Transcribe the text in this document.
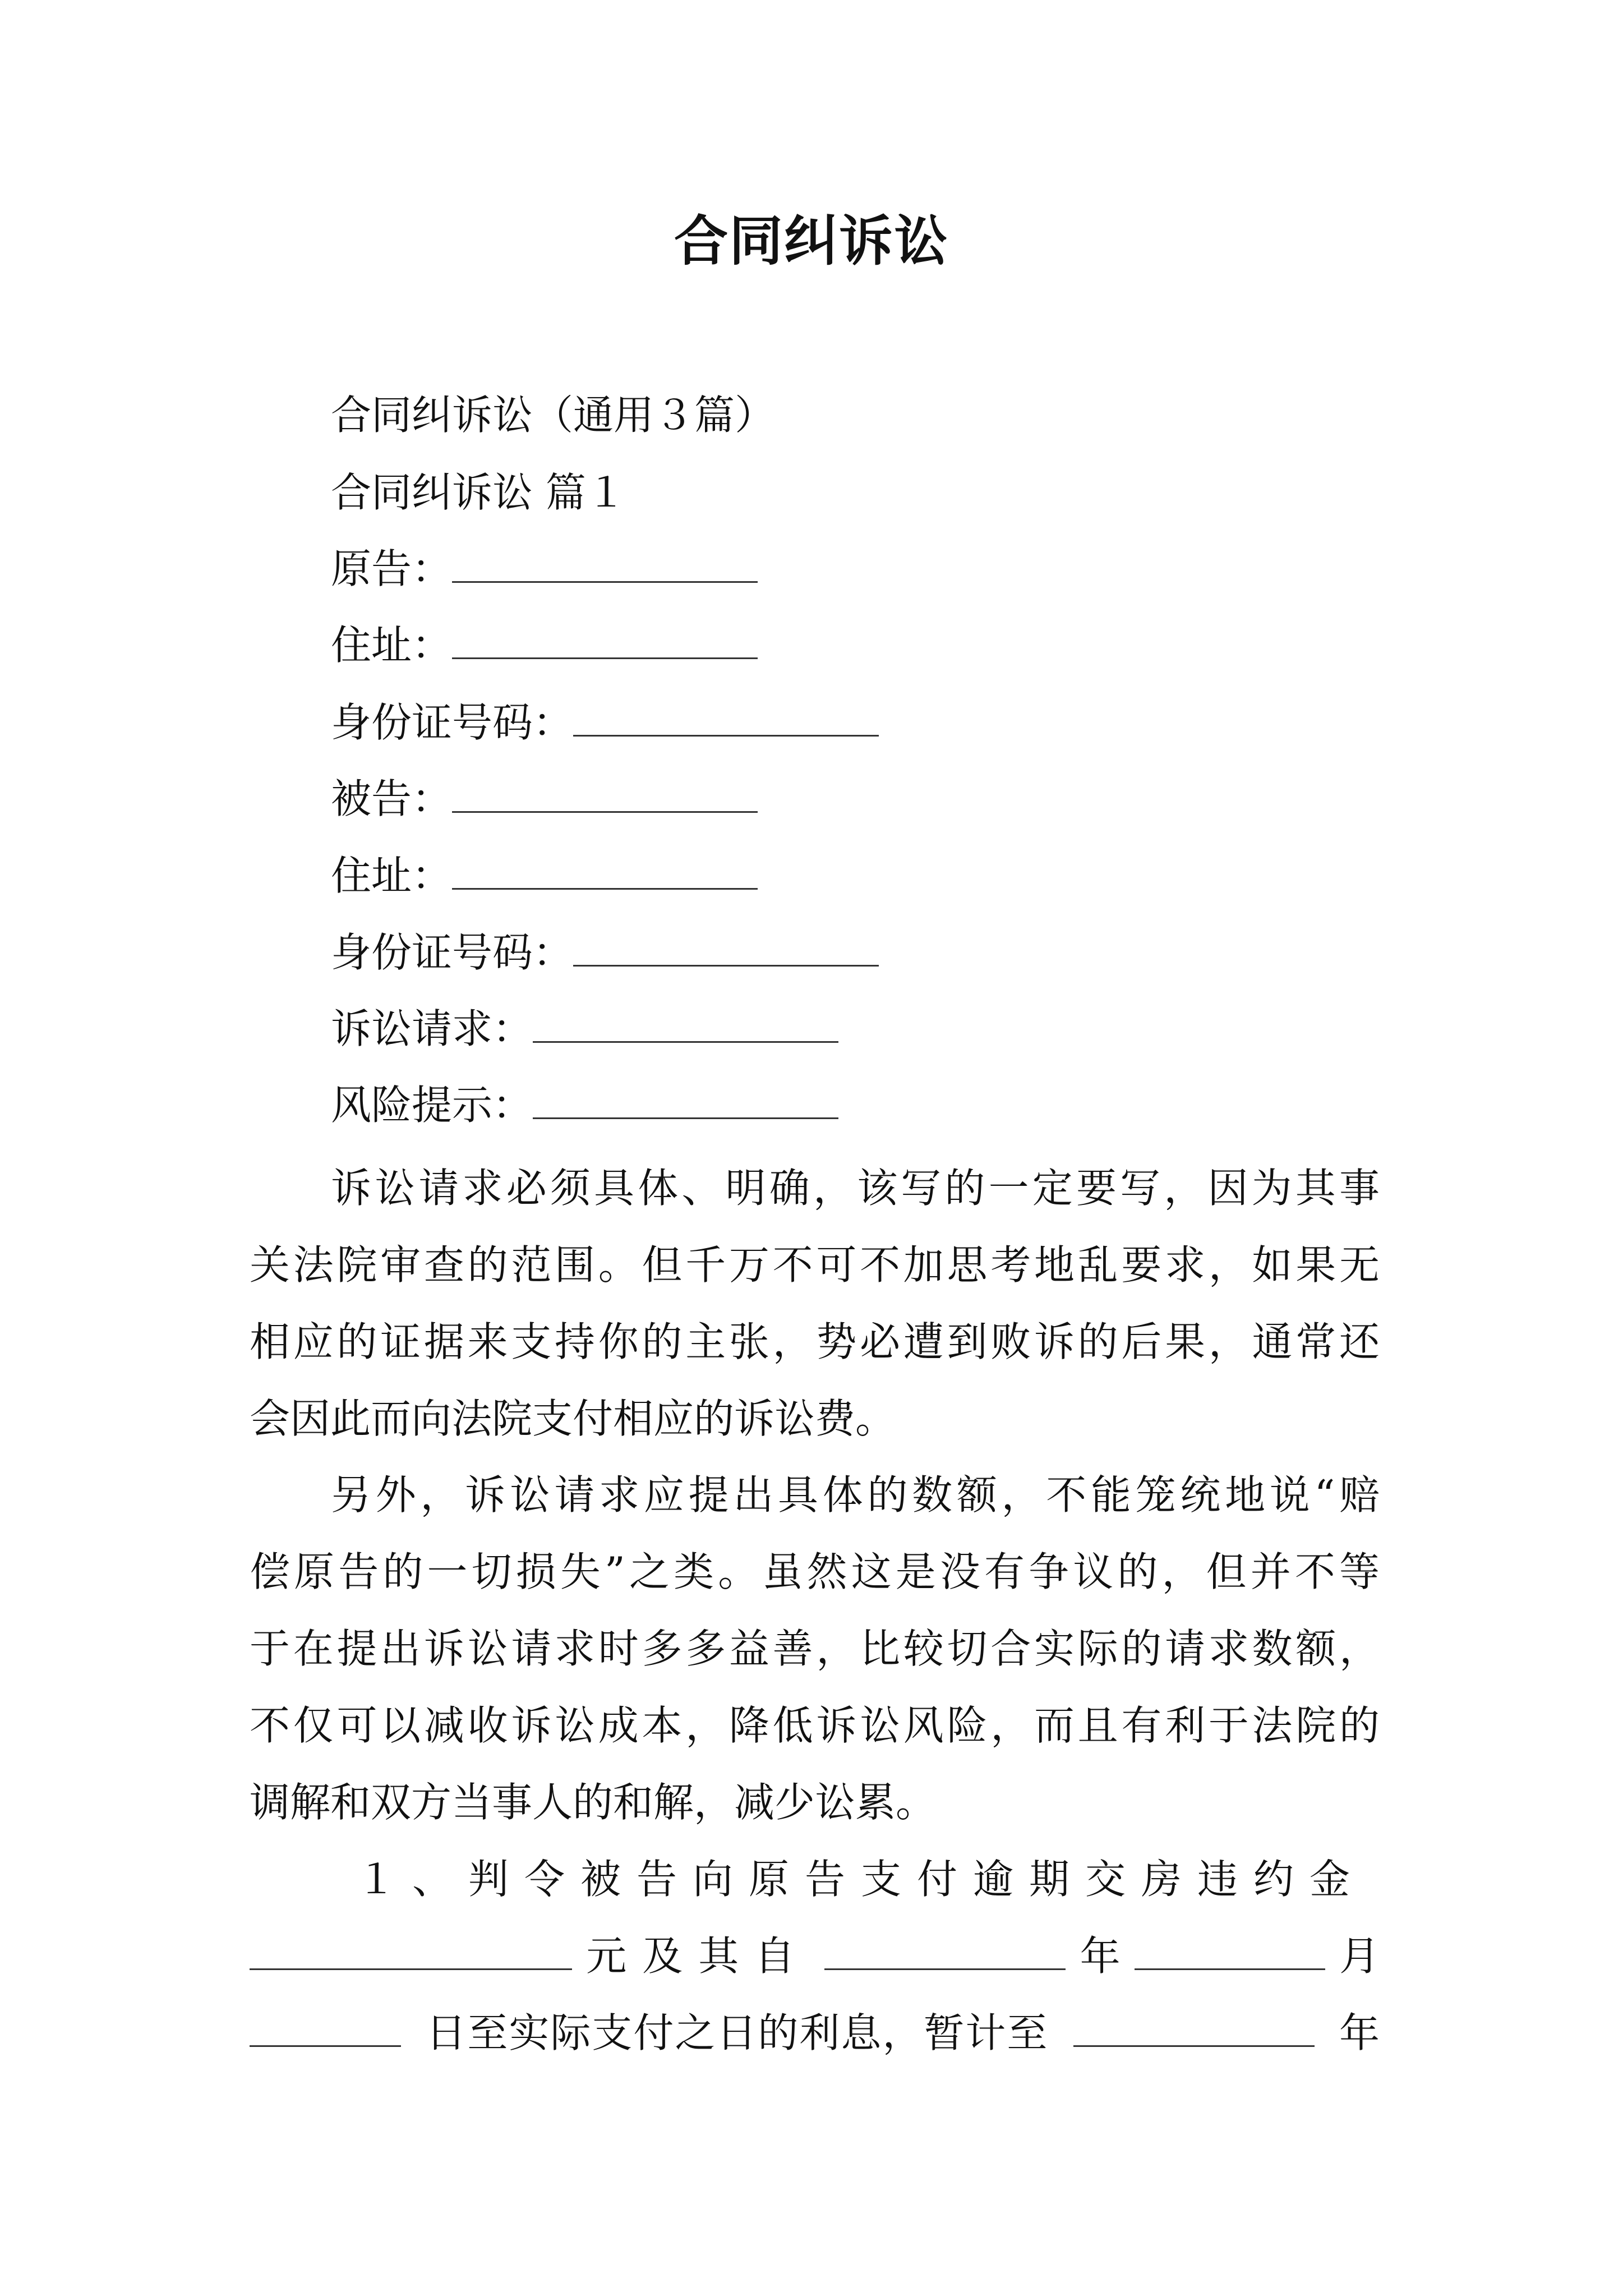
合同纠诉讼
合同纠诉讼（通用３篇）
合同纠诉讼 篇１
原告：
住址：
身份证号码：
被告：
住址：
身份证号码：
诉讼请求：
风险提示：
诉讼请求必须具体、明确，该写的一定要写，因为其事
关法院审查的范围。但千万不可不加思考地乱要求，如果无
相应的证据来支持你的主张，势必遭到败诉的后果，通常还
会因此而向法院支付相应的诉讼费。
另外，诉讼请求应提出具体的数额，不能笼统地说“赔
偿原告的一切损失”之类。虽然这是没有争议的，但并不等
于在提出诉讼请求时多多益善，比较切合实际的请求数额，
不仅可以减收诉讼成本，降低诉讼风险，而且有利于法院的
调解和双方当事人的和解，减少讼累。
１、判令被告向原告支付逾期交房违约金
元及其自	年	月
日至实际支付之日的利息，暂计至	年
